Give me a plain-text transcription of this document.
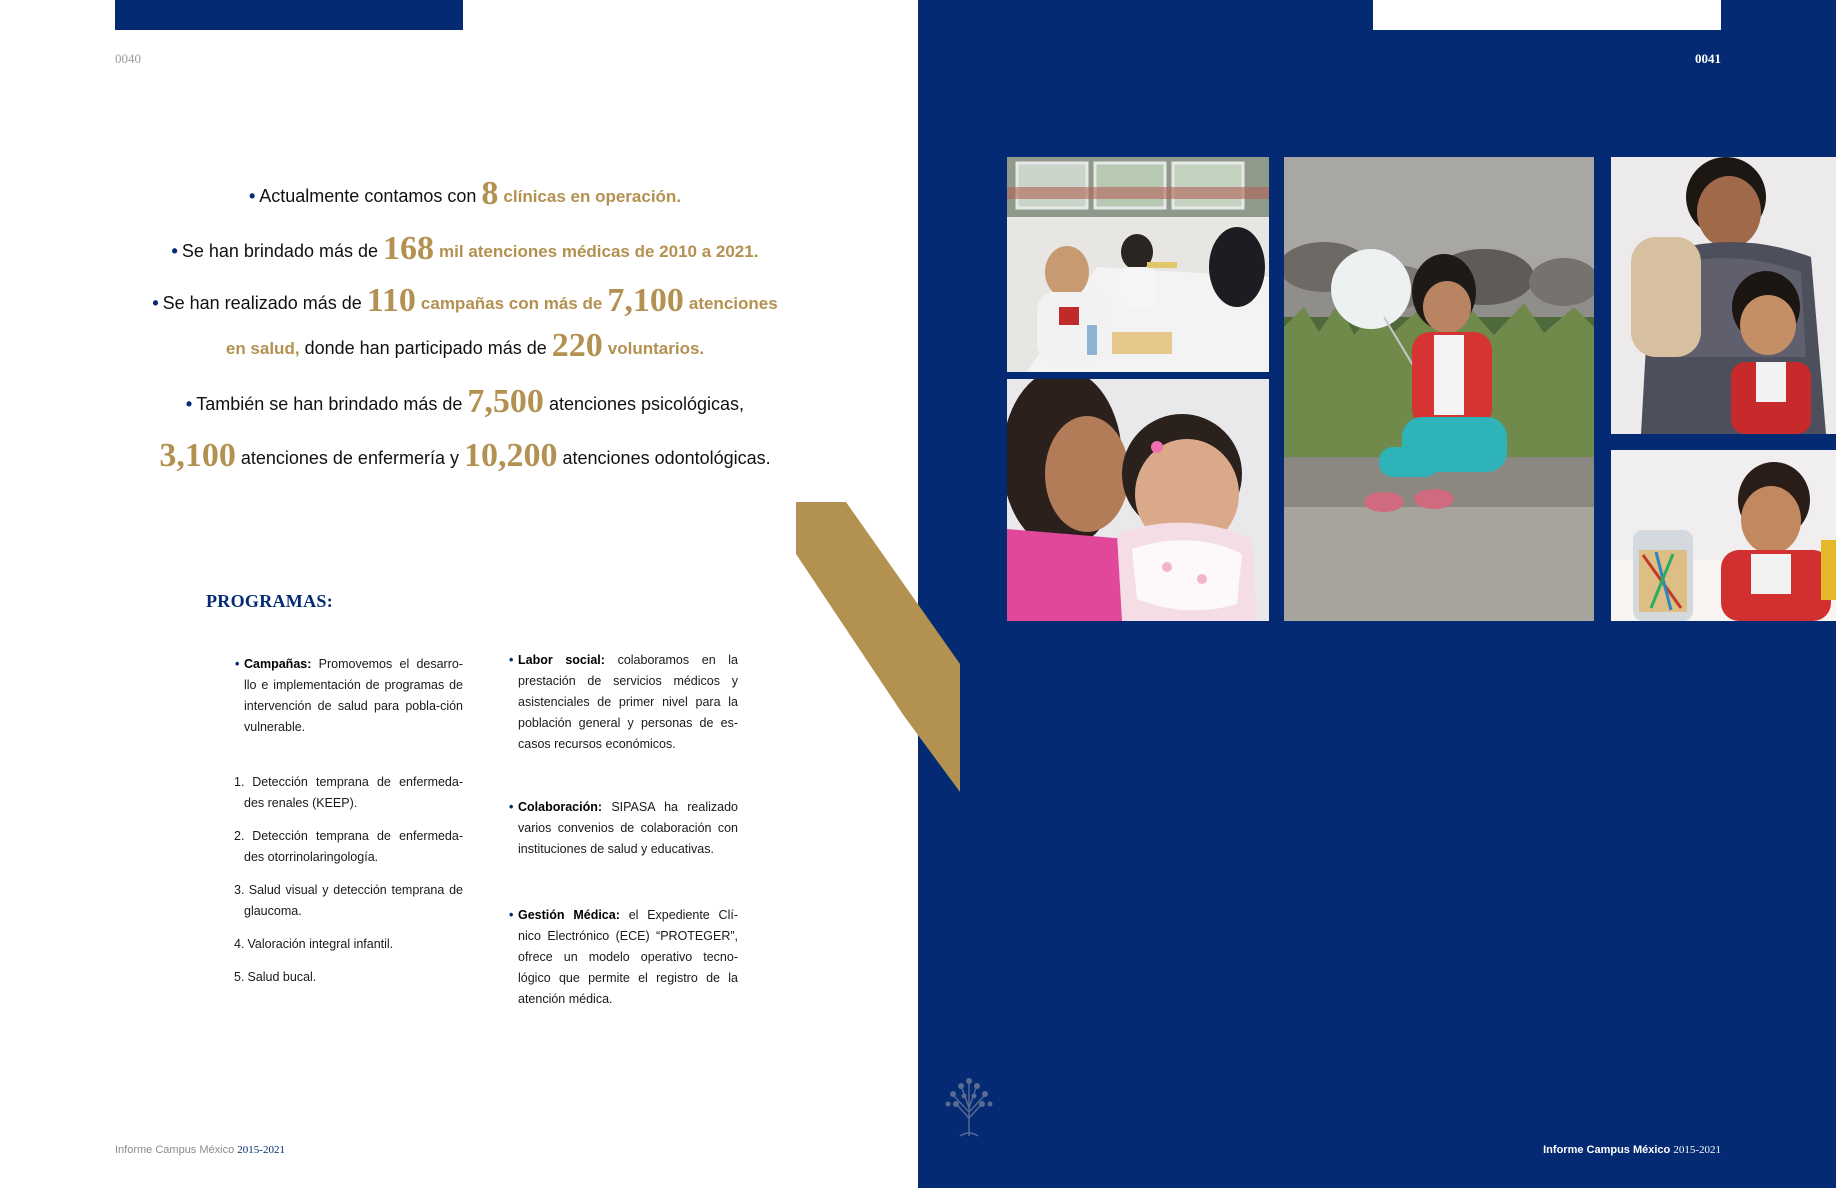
0040
• Actualmente contamos con 8 clínicas en operación.
• Se han brindado más de 168 mil atenciones médicas de 2010 a 2021.
• Se han realizado más de 110 campañas con más de 7,100 atenciones
en salud, donde han participado más de 220 voluntarios.
• También se han brindado más de 7,500 atenciones psicológicas,
3,100 atenciones de enfermería y 10,200 atenciones odontológicas.
PROGRAMAS:

• Campañas: Promovemos el desarro-llo e implementación de programas de intervención de salud para pobla-ción vulnerable.

1. Detección temprana de enfermeda-des renales (KEEP).
2. Detección temprana de enfermeda-des otorrinolaringología.
3. Salud visual y detección temprana de glaucoma.
4. Valoración integral infantil.
5. Salud bucal.

• Labor social: colaboramos en la prestación de servicios médicos y asistenciales de primer nivel para la población general y personas de es-casos recursos económicos.

• Colaboración: SIPASA ha realizado varios convenios de colaboración con instituciones de salud y educativas.

• Gestión Médica: el Expediente Clí-nico Electrónico (ECE) “PROTEGER”, ofrece un modelo operativo tecno-lógico que permite el registro de la atención médica.

Informe Campus México 2015-2021
0041
Informe Campus México 2015-2021
